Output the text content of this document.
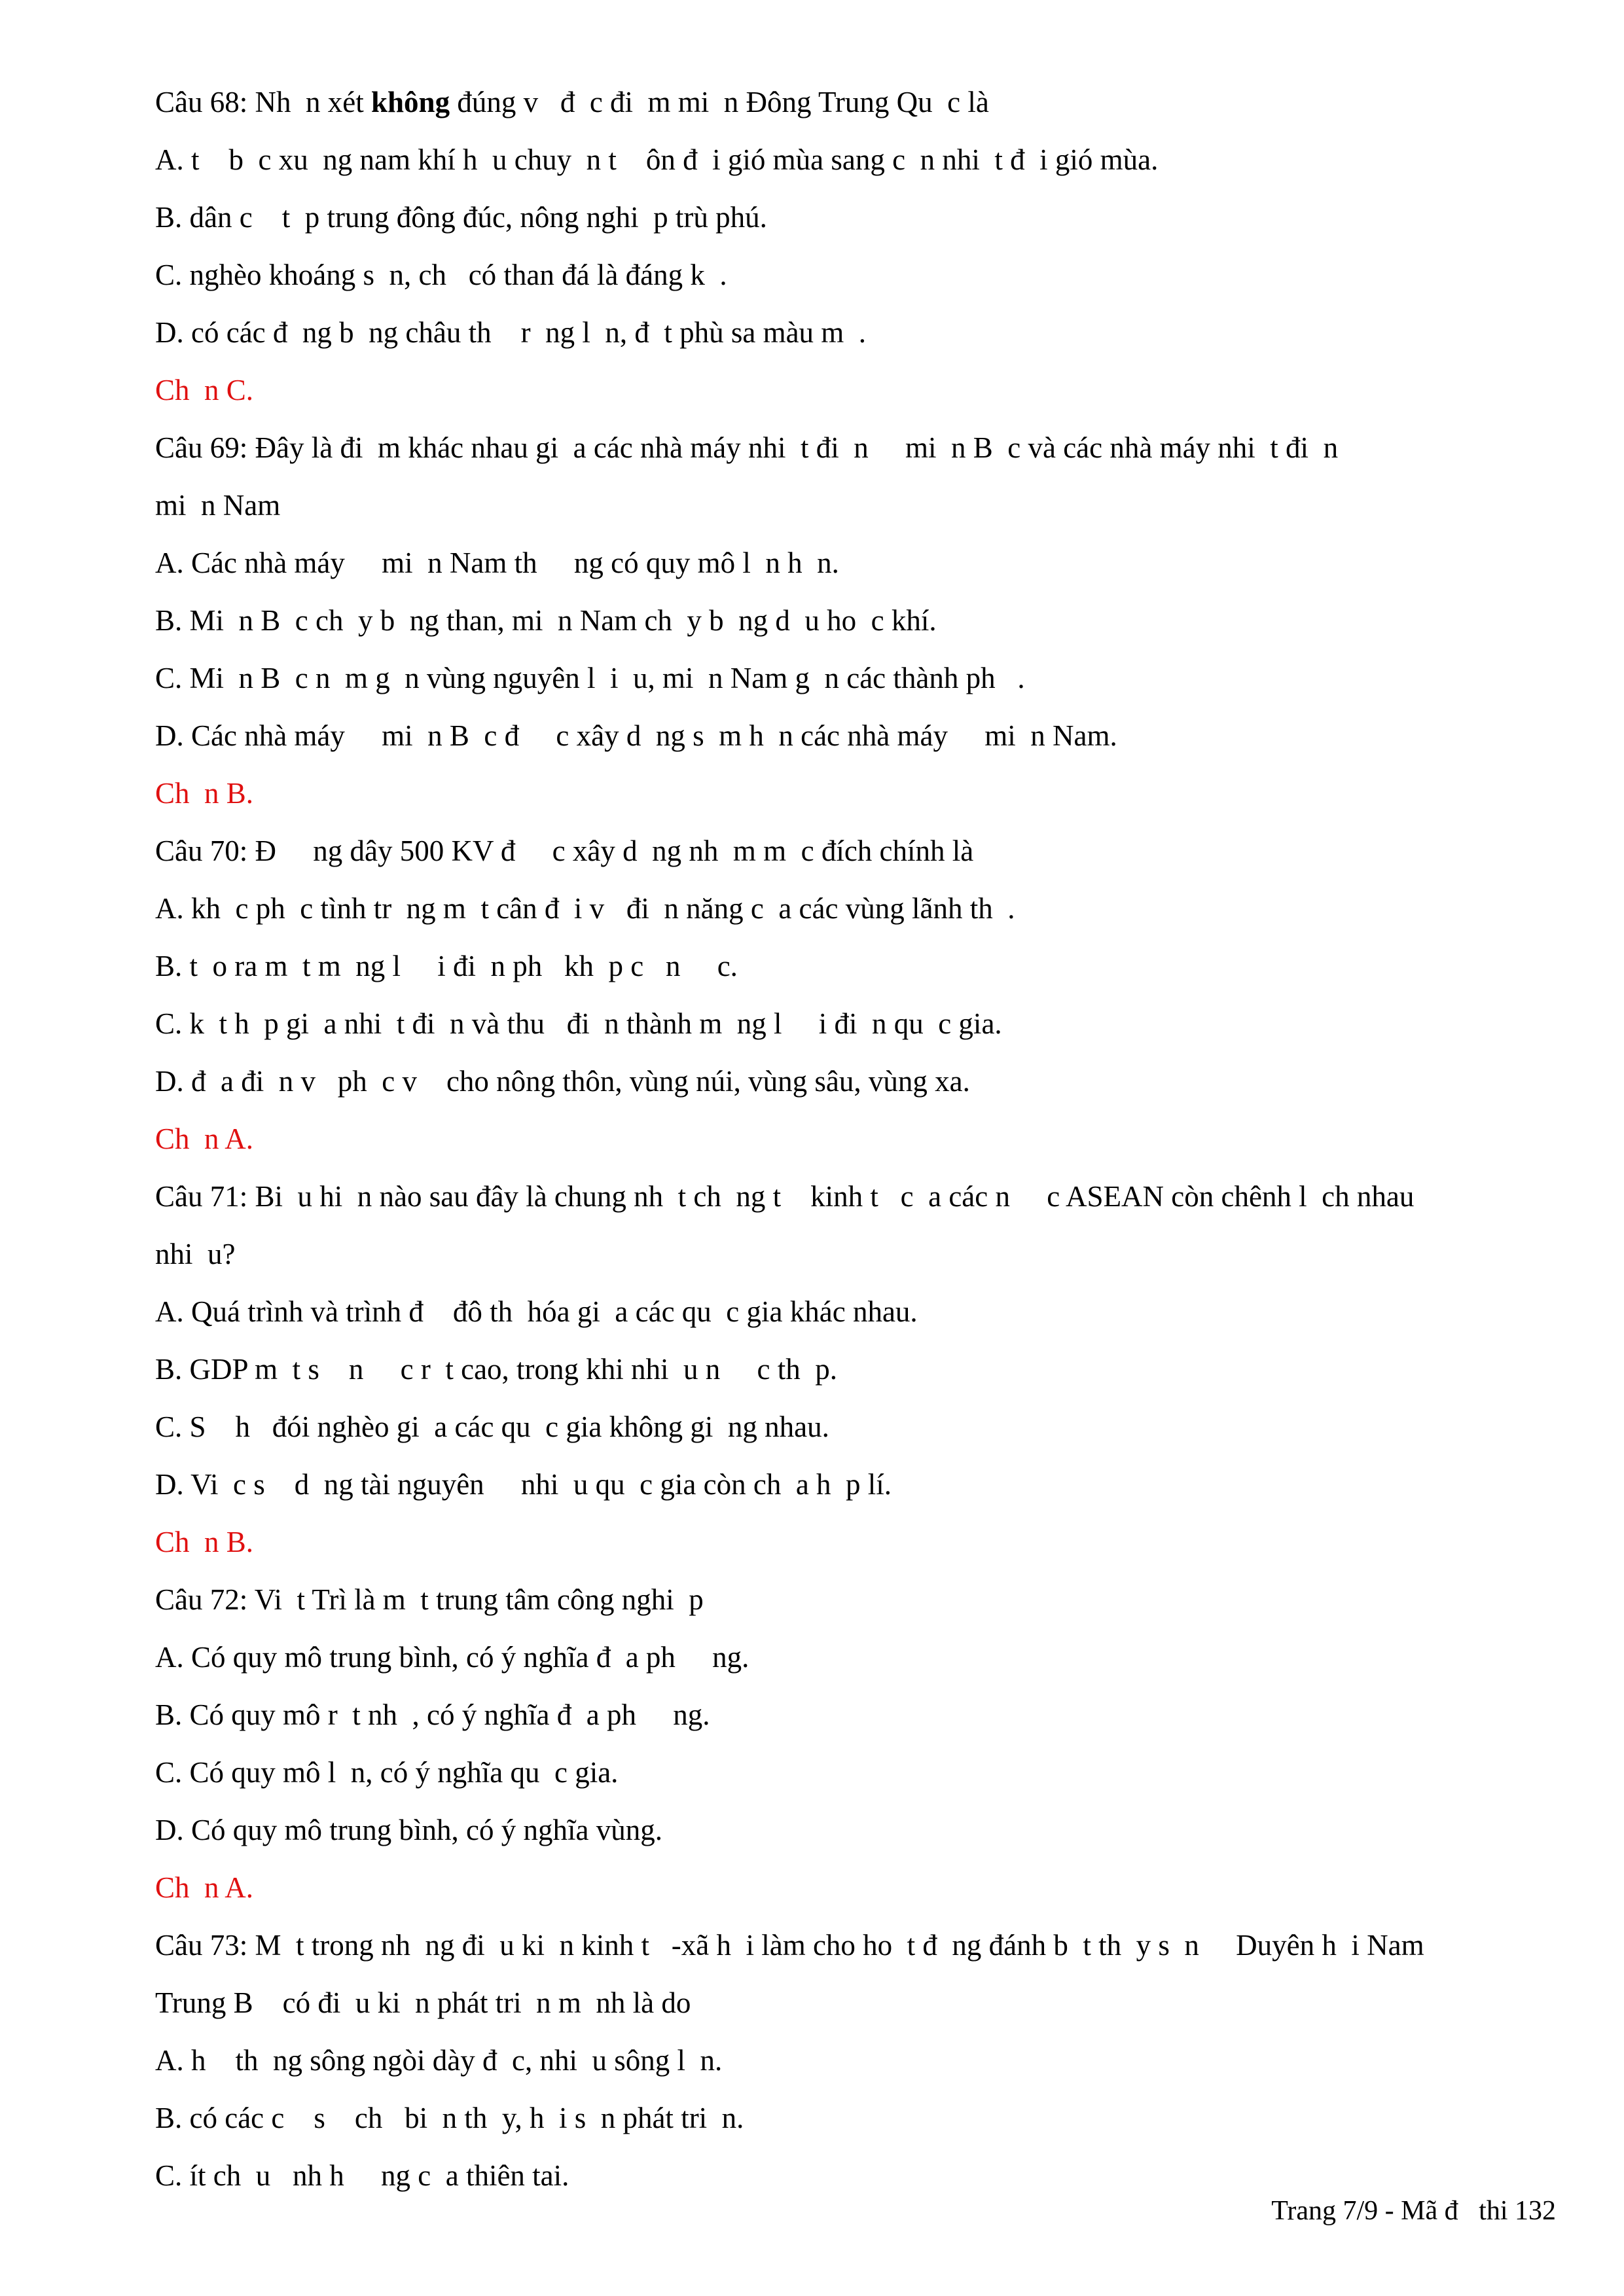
Câu 68: Nh  n xét không đúng v   đ  c đi  m mi  n Đông Trung Qu  c là
A. t    b  c xu  ng nam khí h  u chuy  n t    ôn đ  i gió mùa sang c  n nhi  t đ  i gió mùa.
B. dân c    t  p trung đông đúc, nông nghi  p trù phú.
C. nghèo khoáng s  n, ch   có than đá là đáng k  .
D. có các đ  ng b  ng châu th    r  ng l  n, đ  t phù sa màu m  .
Ch  n C.
Câu 69: Đây là đi  m khác nhau gi  a các nhà máy nhi  t đi  n     mi  n B  c và các nhà máy nhi  t đi  n
mi  n Nam
A. Các nhà máy     mi  n Nam th     ng có quy mô l  n h  n.
B. Mi  n B  c ch  y b  ng than, mi  n Nam ch  y b  ng d  u ho  c khí.
C. Mi  n B  c n  m g  n vùng nguyên l  i  u, mi  n Nam g  n các thành ph   .
D. Các nhà máy     mi  n B  c đ     c xây d  ng s  m h  n các nhà máy     mi  n Nam.
Ch  n B.
Câu 70: Đ     ng dây 500 KV đ     c xây d  ng nh  m m  c đích chính là
A. kh  c ph  c tình tr  ng m  t cân đ  i v   đi  n năng c  a các vùng lãnh th  .
B. t  o ra m  t m  ng l     i đi  n ph   kh  p c   n     c.
C. k  t h  p gi  a nhi  t đi  n và thu   đi  n thành m  ng l     i đi  n qu  c gia.
D. đ  a đi  n v   ph  c v    cho nông thôn, vùng núi, vùng sâu, vùng xa.
Ch  n A.
Câu 71: Bi  u hi  n nào sau đây là chung nh  t ch  ng t    kinh t   c  a các n     c ASEAN còn chênh l  ch nhau
nhi  u?
A. Quá trình và trình đ    đô th  hóa gi  a các qu  c gia khác nhau.
B. GDP m  t s    n     c r  t cao, trong khi nhi  u n     c th  p.
C. S    h   đói nghèo gi  a các qu  c gia không gi  ng nhau.
D. Vi  c s    d  ng tài nguyên     nhi  u qu  c gia còn ch  a h  p lí.
Ch  n B.
Câu 72: Vi  t Trì là m  t trung tâm công nghi  p
A. Có quy mô trung bình, có ý nghĩa đ  a ph     ng.
B. Có quy mô r  t nh  , có ý nghĩa đ  a ph     ng.
C. Có quy mô l  n, có ý nghĩa qu  c gia.
D. Có quy mô trung bình, có ý nghĩa vùng.
Ch  n A.
Câu 73: M  t trong nh  ng đi  u ki  n kinh t   -xã h  i làm cho ho  t đ  ng đánh b  t th  y s  n     Duyên h  i Nam
Trung B    có đi  u ki  n phát tri  n m  nh là do
A. h    th  ng sông ngòi dày đ  c, nhi  u sông l  n.
B. có các c    s    ch   bi  n th  y, h  i s  n phát tri  n.
C. ít ch  u   nh h     ng c  a thiên tai.
Trang 7/9 - Mã đ   thi 132
